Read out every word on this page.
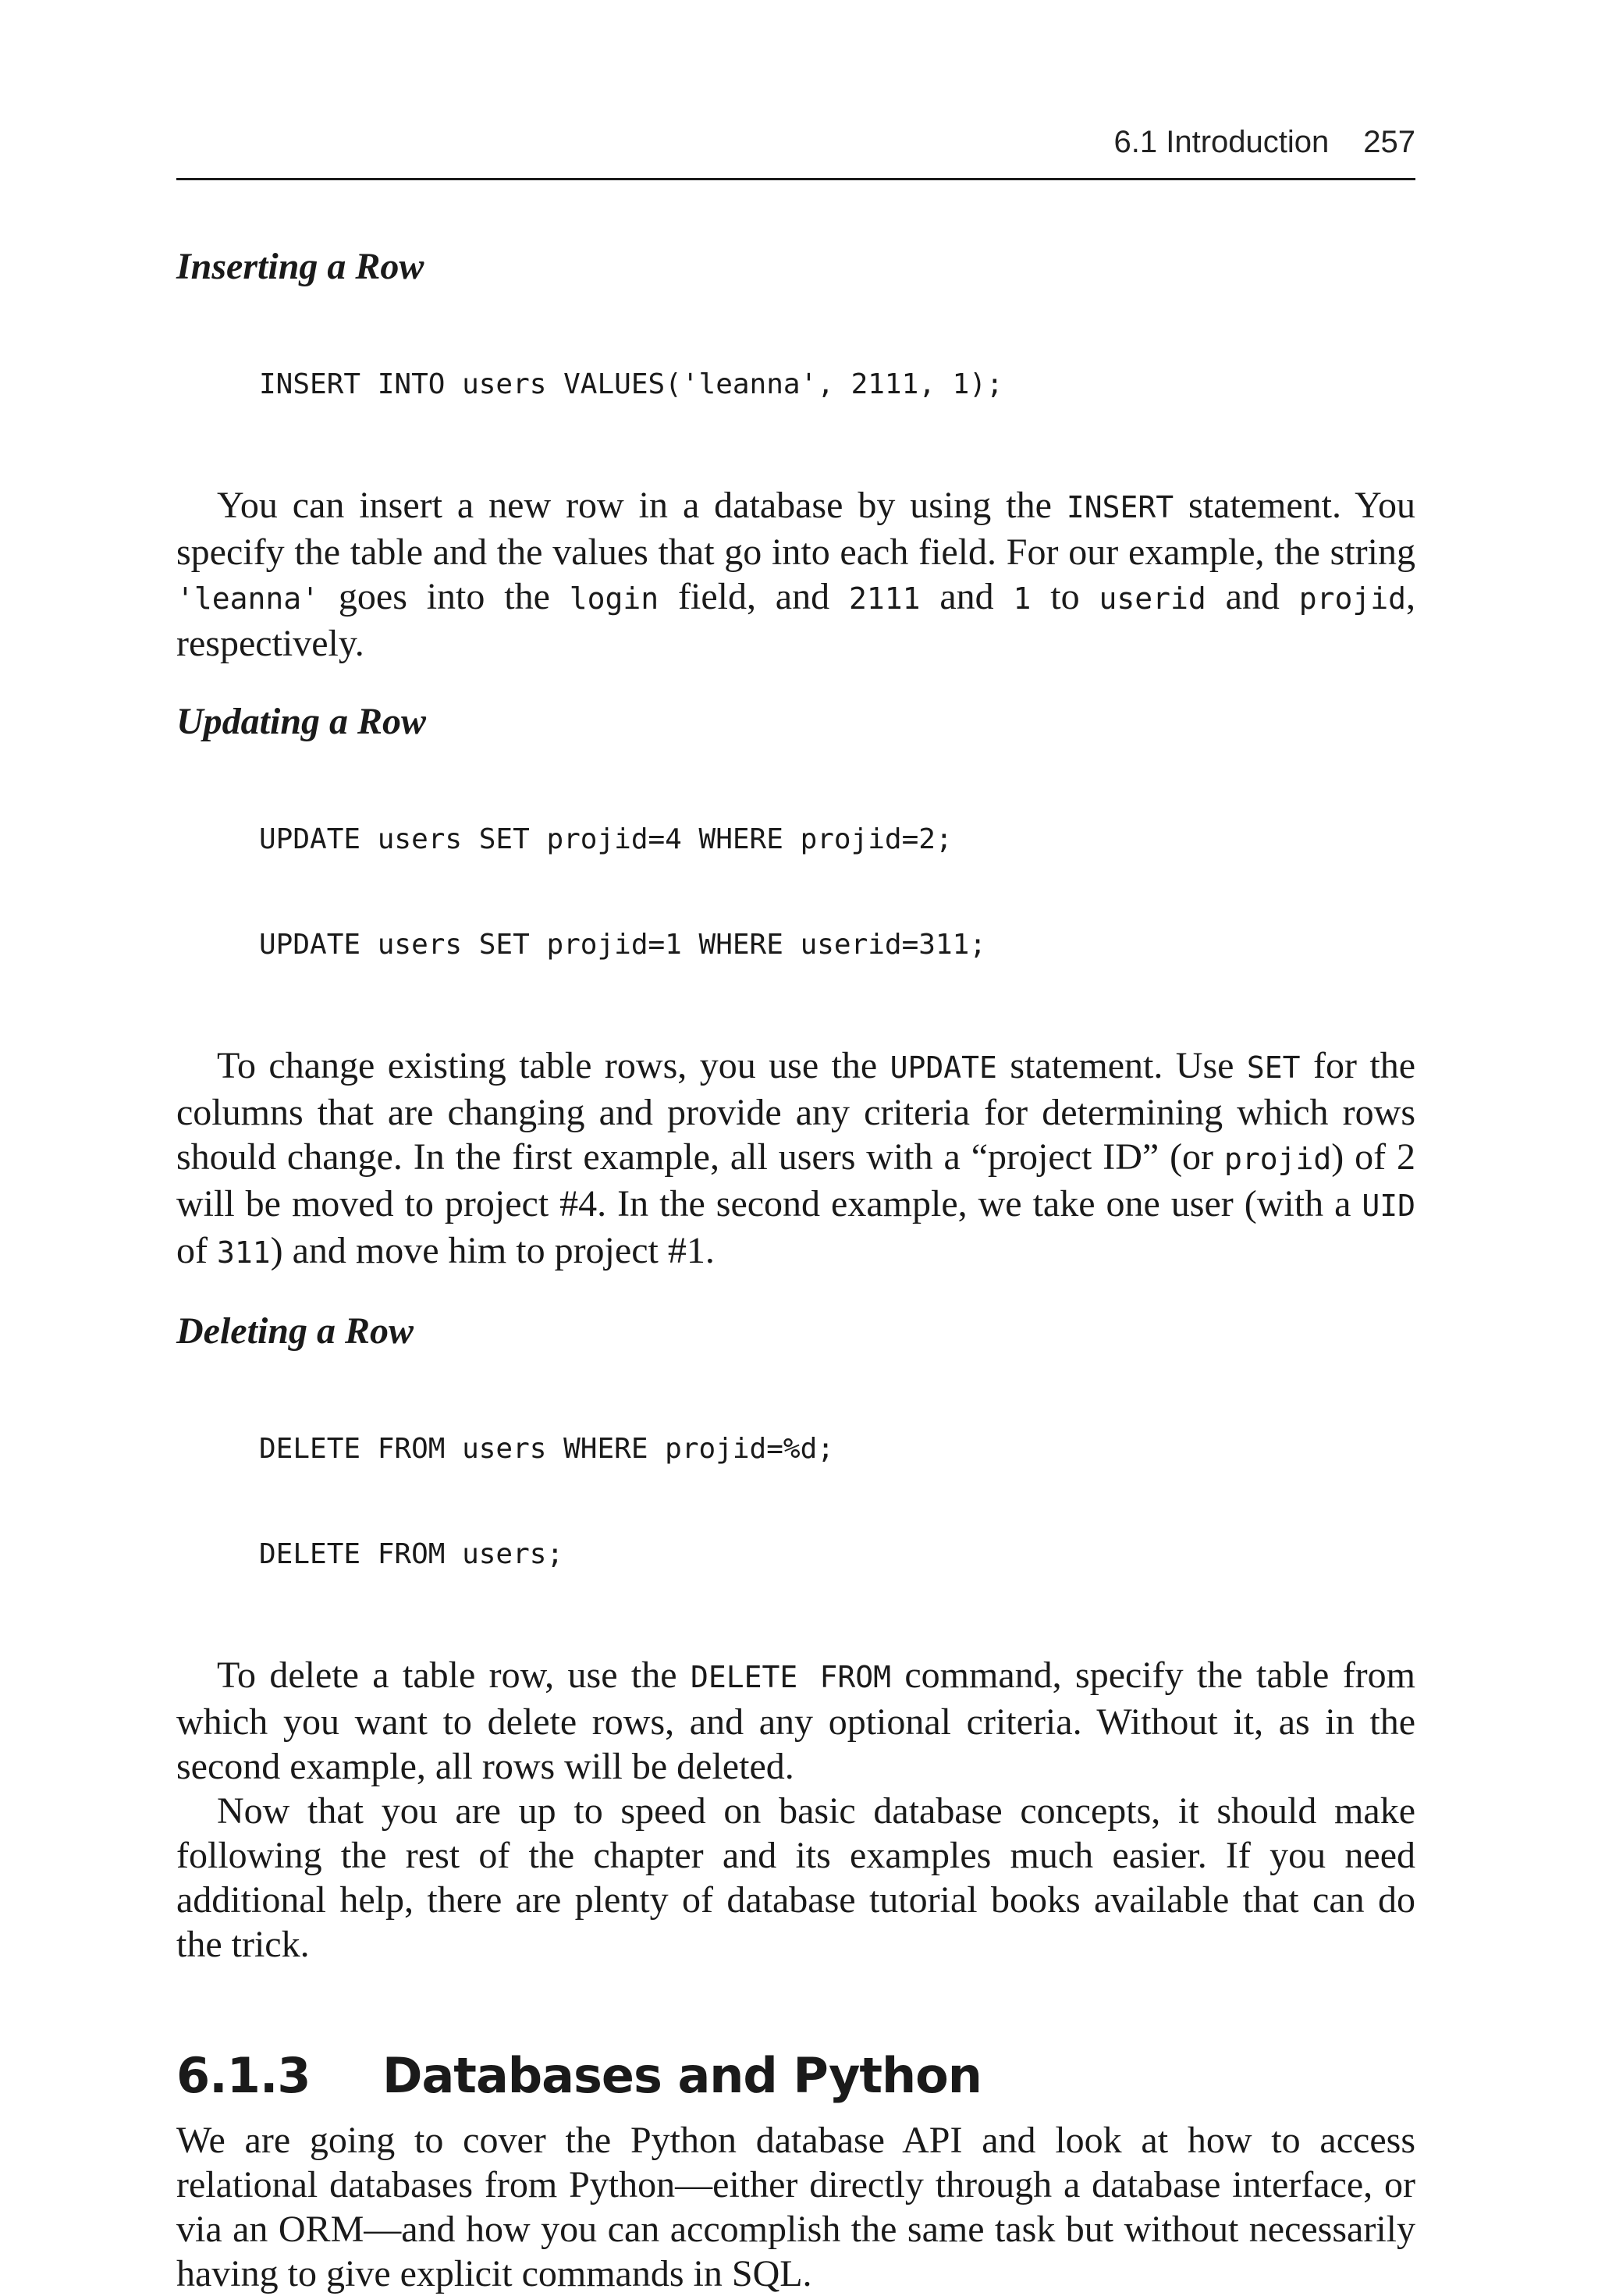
6.1 Introduction 257
Inserting a Row

INSERT INTO users VALUES('leanna', 2111, 1);

You can insert a new row in a database by using the INSERT statement. You specify the table and the values that go into each field. For our example, the string 'leanna' goes into the login field, and 2111 and 1 to userid and projid, respectively.

Updating a Row

UPDATE users SET projid=4 WHERE projid=2;

UPDATE users SET projid=1 WHERE userid=311;

To change existing table rows, you use the UPDATE statement. Use SET for the columns that are changing and provide any criteria for determining which rows should change. In the first example, all users with a “project ID” (or projid) of 2 will be moved to project #4. In the second example, we take one user (with a UID of 311) and move him to project #1.

Deleting a Row

DELETE FROM users WHERE projid=%d;

DELETE FROM users;

To delete a table row, use the DELETE FROM command, specify the table from which you want to delete rows, and any optional criteria. Without it, as in the second example, all rows will be deleted.

Now that you are up to speed on basic database concepts, it should make following the rest of the chapter and its examples much easier. If you need additional help, there are plenty of database tutorial books available that can do the trick.

6.1.3 Databases and Python

We are going to cover the Python database API and look at how to access relational databases from Python—either directly through a database interface, or via an ORM—and how you can accomplish the same task but without necessarily having to give explicit commands in SQL.
